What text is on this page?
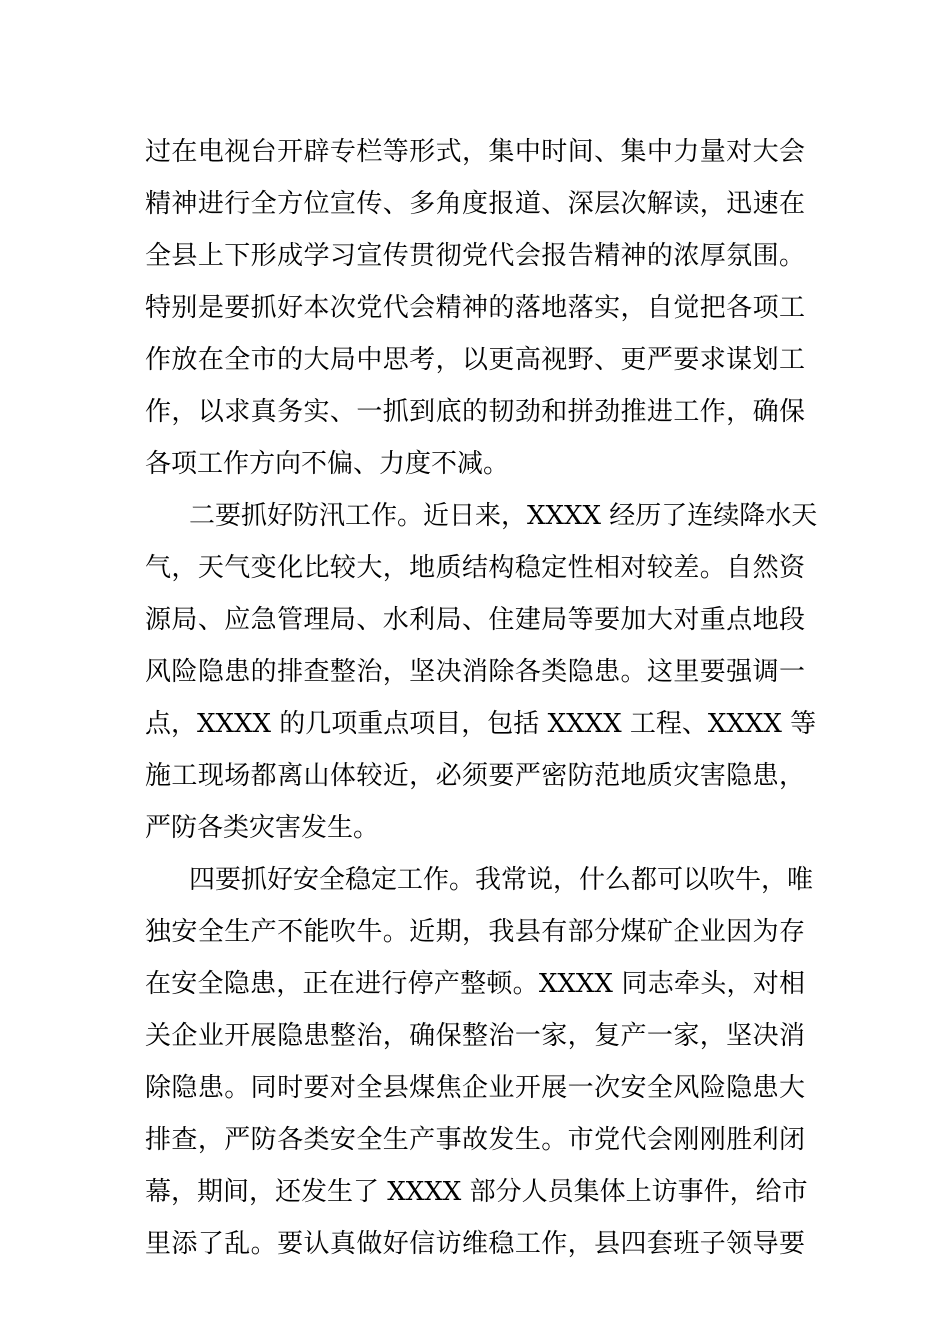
过在电视台开辟专栏等形式，集中时间、集中力量对大会
精神进行全方位宣传、多角度报道、深层次解读，迅速在
全县上下形成学习宣传贯彻党代会报告精神的浓厚氛围。
特别是要抓好本次党代会精神的落地落实，自觉把各项工
作放在全市的大局中思考，以更高视野、更严要求谋划工
作，以求真务实、一抓到底的韧劲和拼劲推进工作，确保
各项工作方向不偏、力度不减。
二要抓好防汛工作。近日来，XXXX 经历了连续降水天
气，天气变化比较大，地质结构稳定性相对较差。自然资
源局、应急管理局、水利局、住建局等要加大对重点地段
风险隐患的排查整治，坚决消除各类隐患。这里要强调一
点，XXXX 的几项重点项目，包括 XXXX 工程、XXXX 等
施工现场都离山体较近，必须要严密防范地质灾害隐患，
严防各类灾害发生。
四要抓好安全稳定工作。我常说，什么都可以吹牛，唯
独安全生产不能吹牛。近期，我县有部分煤矿企业因为存
在安全隐患，正在进行停产整顿。XXXX 同志牵头，对相
关企业开展隐患整治，确保整治一家，复产一家，坚决消
除隐患。同时要对全县煤焦企业开展一次安全风险隐患大
排查，严防各类安全生产事故发生。市党代会刚刚胜利闭
幕，期间，还发生了 XXXX 部分人员集体上访事件，给市
里添了乱。要认真做好信访维稳工作，县四套班子领导要
